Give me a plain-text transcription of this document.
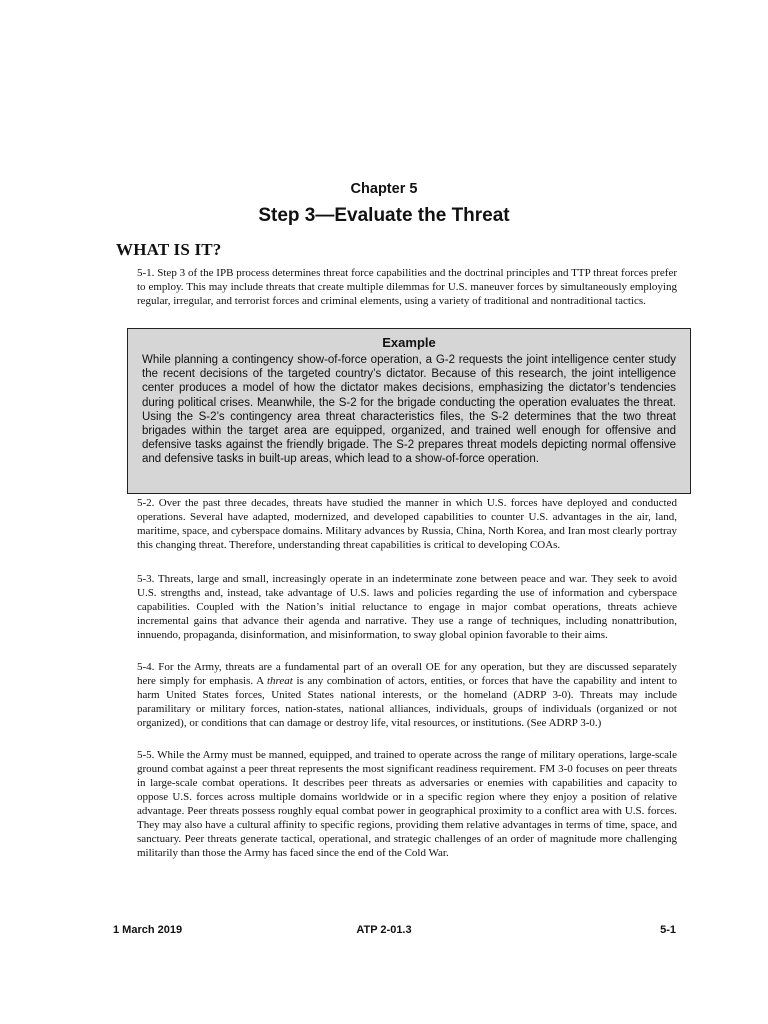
Chapter 5
Step 3—Evaluate the Threat
WHAT IS IT?

5-1. Step 3 of the IPB process determines threat force capabilities and the doctrinal principles and TTP threat forces prefer to employ. This may include threats that create multiple dilemmas for U.S. maneuver forces by simultaneously employing regular, irregular, and terrorist forces and criminal elements, using a variety of traditional and nontraditional tactics.

Example

While planning a contingency show-of-force operation, a G-2 requests the joint intelligence center study the recent decisions of the targeted country’s dictator. Because of this research, the joint intelligence center produces a model of how the dictator makes decisions, emphasizing the dictator’s tendencies during political crises. Meanwhile, the S-2 for the brigade conducting the operation evaluates the threat. Using the S-2’s contingency area threat characteristics files, the S-2 determines that the two threat brigades within the target area are equipped, organized, and trained well enough for offensive and defensive tasks against the friendly brigade. The S-2 prepares threat models depicting normal offensive and defensive tasks in built-up areas, which lead to a show-of-force operation.

5-2. Over the past three decades, threats have studied the manner in which U.S. forces have deployed and conducted operations. Several have adapted, modernized, and developed capabilities to counter U.S. advantages in the air, land, maritime, space, and cyberspace domains. Military advances by Russia, China, North Korea, and Iran most clearly portray this changing threat. Therefore, understanding threat capabilities is critical to developing COAs.

5-3. Threats, large and small, increasingly operate in an indeterminate zone between peace and war. They seek to avoid U.S. strengths and, instead, take advantage of U.S. laws and policies regarding the use of information and cyberspace capabilities. Coupled with the Nation’s initial reluctance to engage in major combat operations, threats achieve incremental gains that advance their agenda and narrative. They use a range of techniques, including nonattribution, innuendo, propaganda, disinformation, and misinformation, to sway global opinion favorable to their aims.

5-4. For the Army, threats are a fundamental part of an overall OE for any operation, but they are discussed separately here simply for emphasis. A threat is any combination of actors, entities, or forces that have the capability and intent to harm United States forces, United States national interests, or the homeland (ADRP 3-0). Threats may include paramilitary or military forces, nation-states, national alliances, individuals, groups of individuals (organized or not organized), or conditions that can damage or destroy life, vital resources, or institutions. (See ADRP 3-0.)

5-5. While the Army must be manned, equipped, and trained to operate across the range of military operations, large-scale ground combat against a peer threat represents the most significant readiness requirement. FM 3-0 focuses on peer threats in large-scale combat operations. It describes peer threats as adversaries or enemies with capabilities and capacity to oppose U.S. forces across multiple domains worldwide or in a specific region where they enjoy a position of relative advantage. Peer threats possess roughly equal combat power in geographical proximity to a conflict area with U.S. forces. They may also have a cultural affinity to specific regions, providing them relative advantages in terms of time, space, and sanctuary. Peer threats generate tactical, operational, and strategic challenges of an order of magnitude more challenging militarily than those the Army has faced since the end of the Cold War.

1 March 2019	ATP 2-01.3	5-1
